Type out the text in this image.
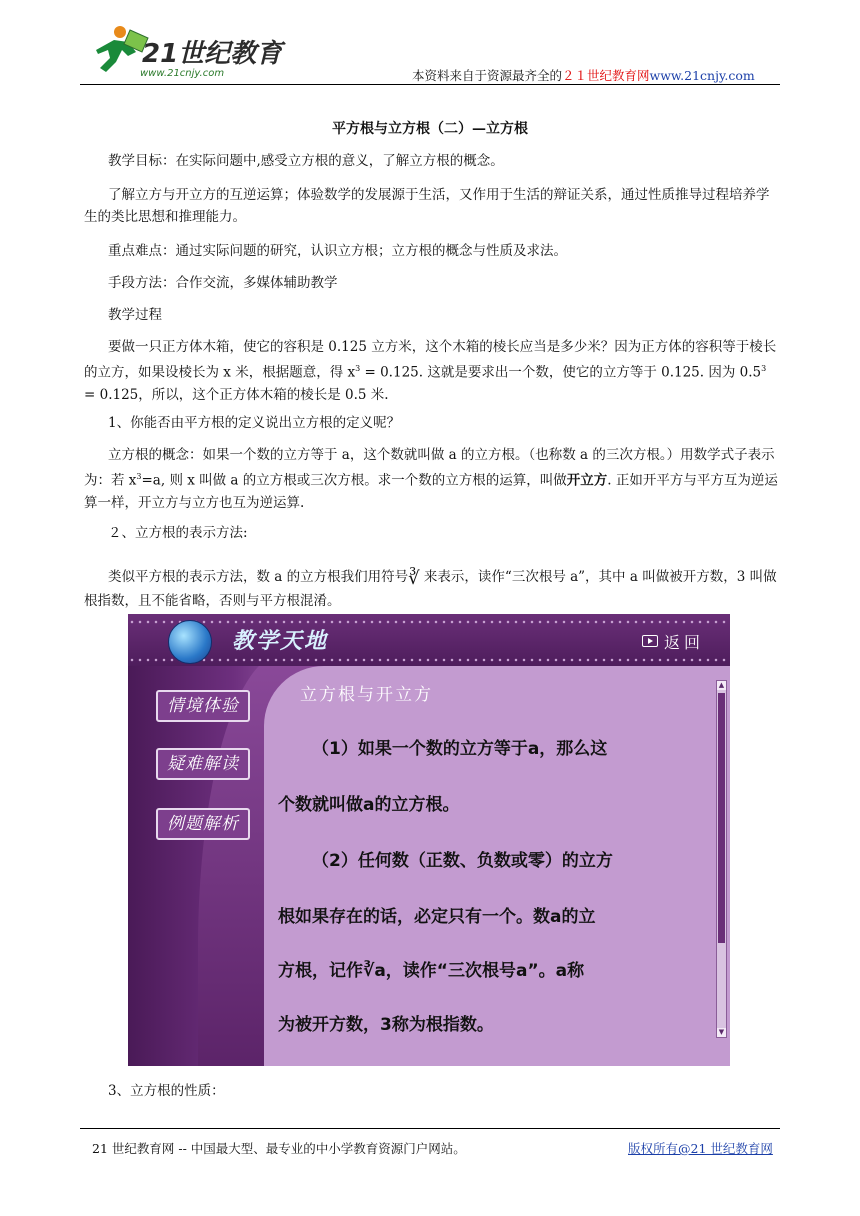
21世纪教育
www.21cnjy.com	本资料来自于资源最齐全的２１世纪教育网www.21cnjy.com
平方根与立方根（二）—立方根
教学目标：在实际问题中,感受立方根的意义，了解立方根的概念。
了解立方与开立方的互逆运算；体验数学的发展源于生活，又作用于生活的辩证关系，通过性质推导过程培养学生的类比思想和推理能力。
重点难点：通过实际问题的研究，认识立方根；立方根的概念与性质及求法。
手段方法：合作交流，多媒体辅助教学
教学过程
要做一只正方体木箱，使它的容积是 0.125 立方米，这个木箱的棱长应当是多少米？因为正方体的容积等于棱长的立方，如果设棱长为 x 米，根据题意，得 $x^3 = 0.125$. 这就是要求出一个数，使它的立方等于 0.125. 因为 $0.5^3 = 0.125$，所以，这个正方体木箱的棱长是 0.5 米.
1、你能否由平方根的定义说出立方根的定义呢？
立方根的概念：如果一个数的立方等于 a，这个数就叫做 a 的立方根。（也称数 a 的三次方根。）用数学式子表示为：若 $x^3=a$, 则 x 叫做 a 的立方根或三次方根。求一个数的立方根的运算，叫做开立方. 正如开平方与平方互为逆运算一样，开立方与立方也互为逆运算.
２、立方根的表示方法:
类似平方根的表示方法，数 a 的立方根我们用符号∛ 来表示，读作“三次根号 a”，其中 a 叫做被开方数，3 叫做根指数，且不能省略，否则与平方根混淆。
教学天地	返回
情境体验
疑难解读
例题解析
立方根与开立方
（1）如果一个数的立方等于a，那么这
个数就叫做a的立方根。
（2）任何数（正数、负数或零）的立方
根如果存在的话，必定只有一个。数a的立
方根，记作∛a，读作“三次根号a”。a称
为被开方数，3称为根指数。
▲
▼
3、立方根的性质：
21 世纪教育网 -- 中国最大型、最专业的中小学教育资源门户网站。	版权所有@21 世纪教育网
